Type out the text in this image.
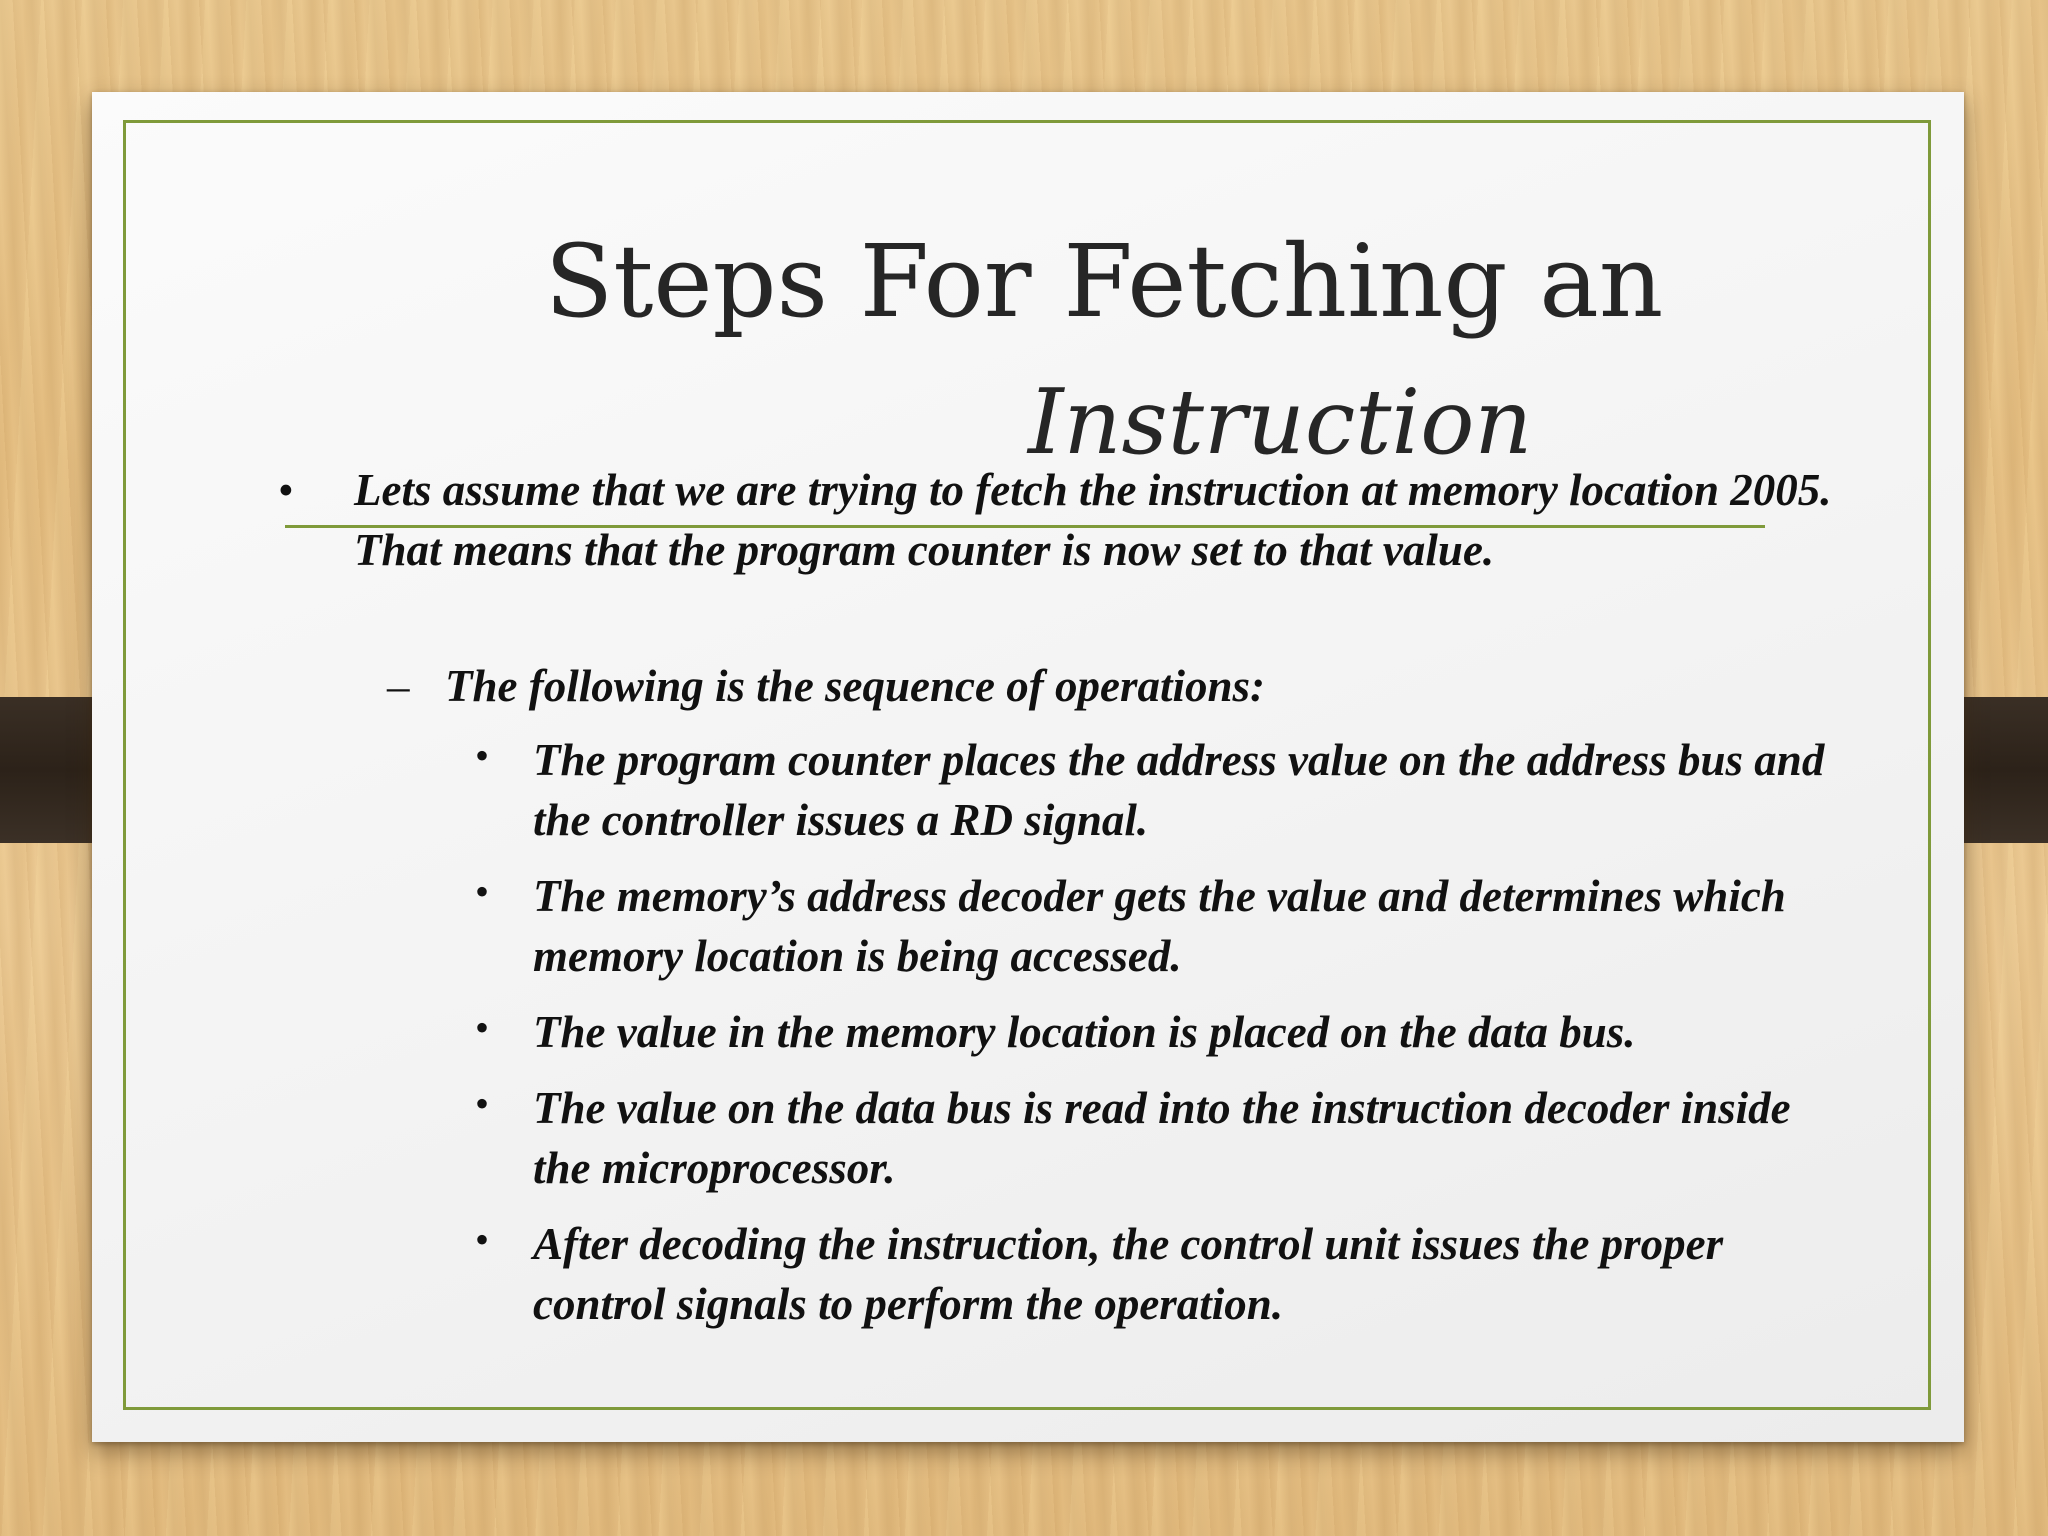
Steps For Fetching an
Instruction
• Lets assume that we are trying to fetch the instruction at memory location 2005. That means that the program counter is now set to that value.
– The following is the sequence of operations:
• The program counter places the address value on the address bus and the controller issues a RD signal.
• The memory’s address decoder gets the value and determines which memory location is being accessed.
• The value in the memory location is placed on the data bus.
• The value on the data bus is read into the instruction decoder inside the microprocessor.
• After decoding the instruction, the control unit issues the proper control signals to perform the operation.
